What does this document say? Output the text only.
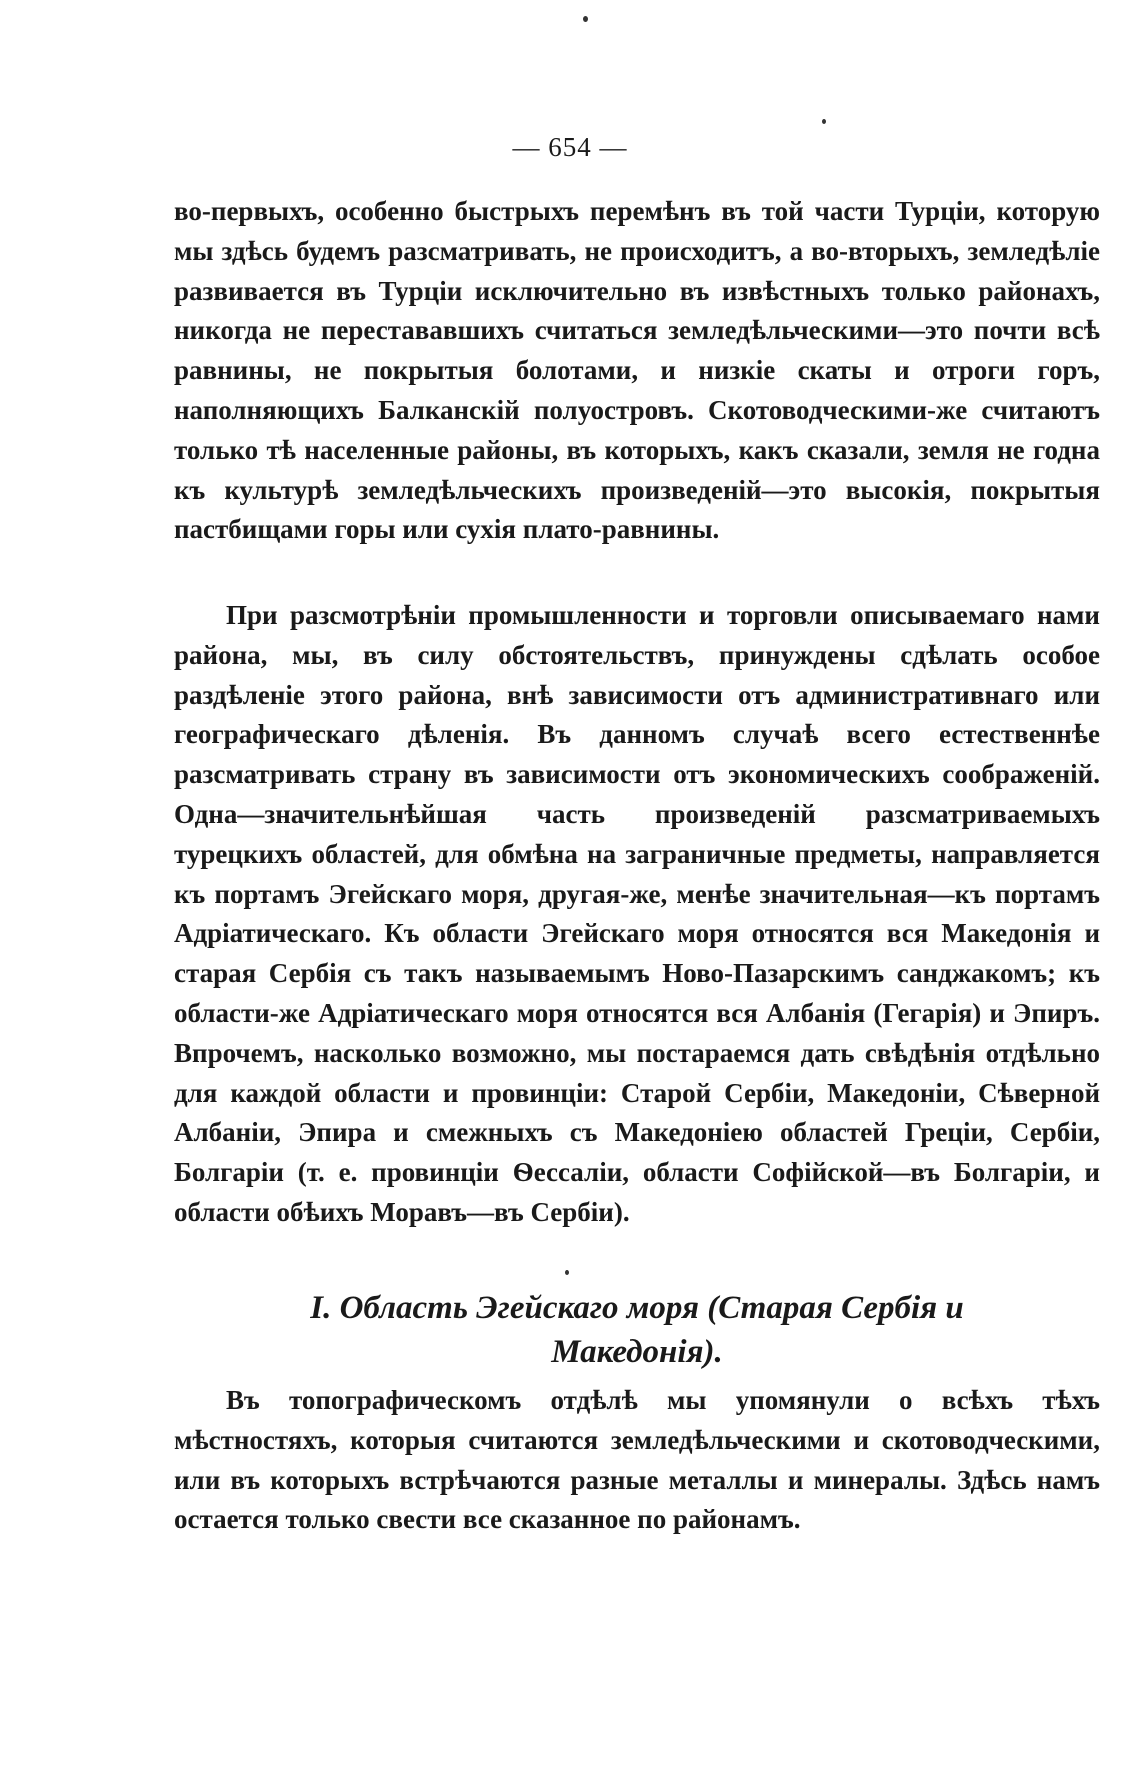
— 654 —

во-первыхъ, особенно быстрыхъ перемѣнъ въ той части Турціи, которую мы здѣсь будемъ разсматривать, не происходитъ, а во-вторыхъ, земледѣліе развивается въ Турціи исключительно въ извѣстныхъ только районахъ, никогда не перестававшихъ считаться земледѣльческими—это почти всѣ равнины, не покрытыя болотами, и низкіе скаты и отроги горъ, наполняющихъ Балканскій полуостровъ. Скотоводческими-же считаютъ только тѣ населенные районы, въ которыхъ, какъ сказали, земля не годна къ культурѣ земледѣльческихъ произведеній—это высокія, покрытыя пастбищами горы или сухія плато-равнины.

При разсмотрѣніи промышленности и торговли описываемаго нами района, мы, въ силу обстоятельствъ, принуждены сдѣлать особое раздѣленіе этого района, внѣ зависимости отъ административнаго или географическаго дѣленія. Въ данномъ случаѣ всего естественнѣе разсматривать страну въ зависимости отъ экономическихъ соображеній. Одна—значительнѣйшая часть произведеній разсматриваемыхъ турецкихъ областей, для обмѣна на заграничные предметы, направляется къ портамъ Эгейскаго моря, другая-же, менѣе значительная—къ портамъ Адріатическаго. Къ области Эгейскаго моря относятся вся Македонія и старая Сербія съ такъ называемымъ Ново-Пазарскимъ санджакомъ; къ области-же Адріатическаго моря относятся вся Албанія (Гегарія) и Эпиръ. Впрочемъ, насколько возможно, мы постараемся дать свѣдѣнія отдѣльно для каждой области и провинціи: Старой Сербіи, Македоніи, Сѣверной Албаніи, Эпира и смежныхъ съ Македоніею областей Греціи, Сербіи, Болгаріи (т. е. провинціи Ѳессаліи, области Софійской—въ Болгаріи, и области обѣихъ Моравъ—въ Сербіи).

I. Область Эгейскаго моря (Старая Сербія и
Македонія).

Въ топографическомъ отдѣлѣ мы упомянули о всѣхъ тѣхъ мѣстностяхъ, которыя считаются земледѣльческими и скотоводческими, или въ которыхъ встрѣчаются разные металлы и минералы. Здѣсь намъ остается только свести все сказанное по районамъ.
